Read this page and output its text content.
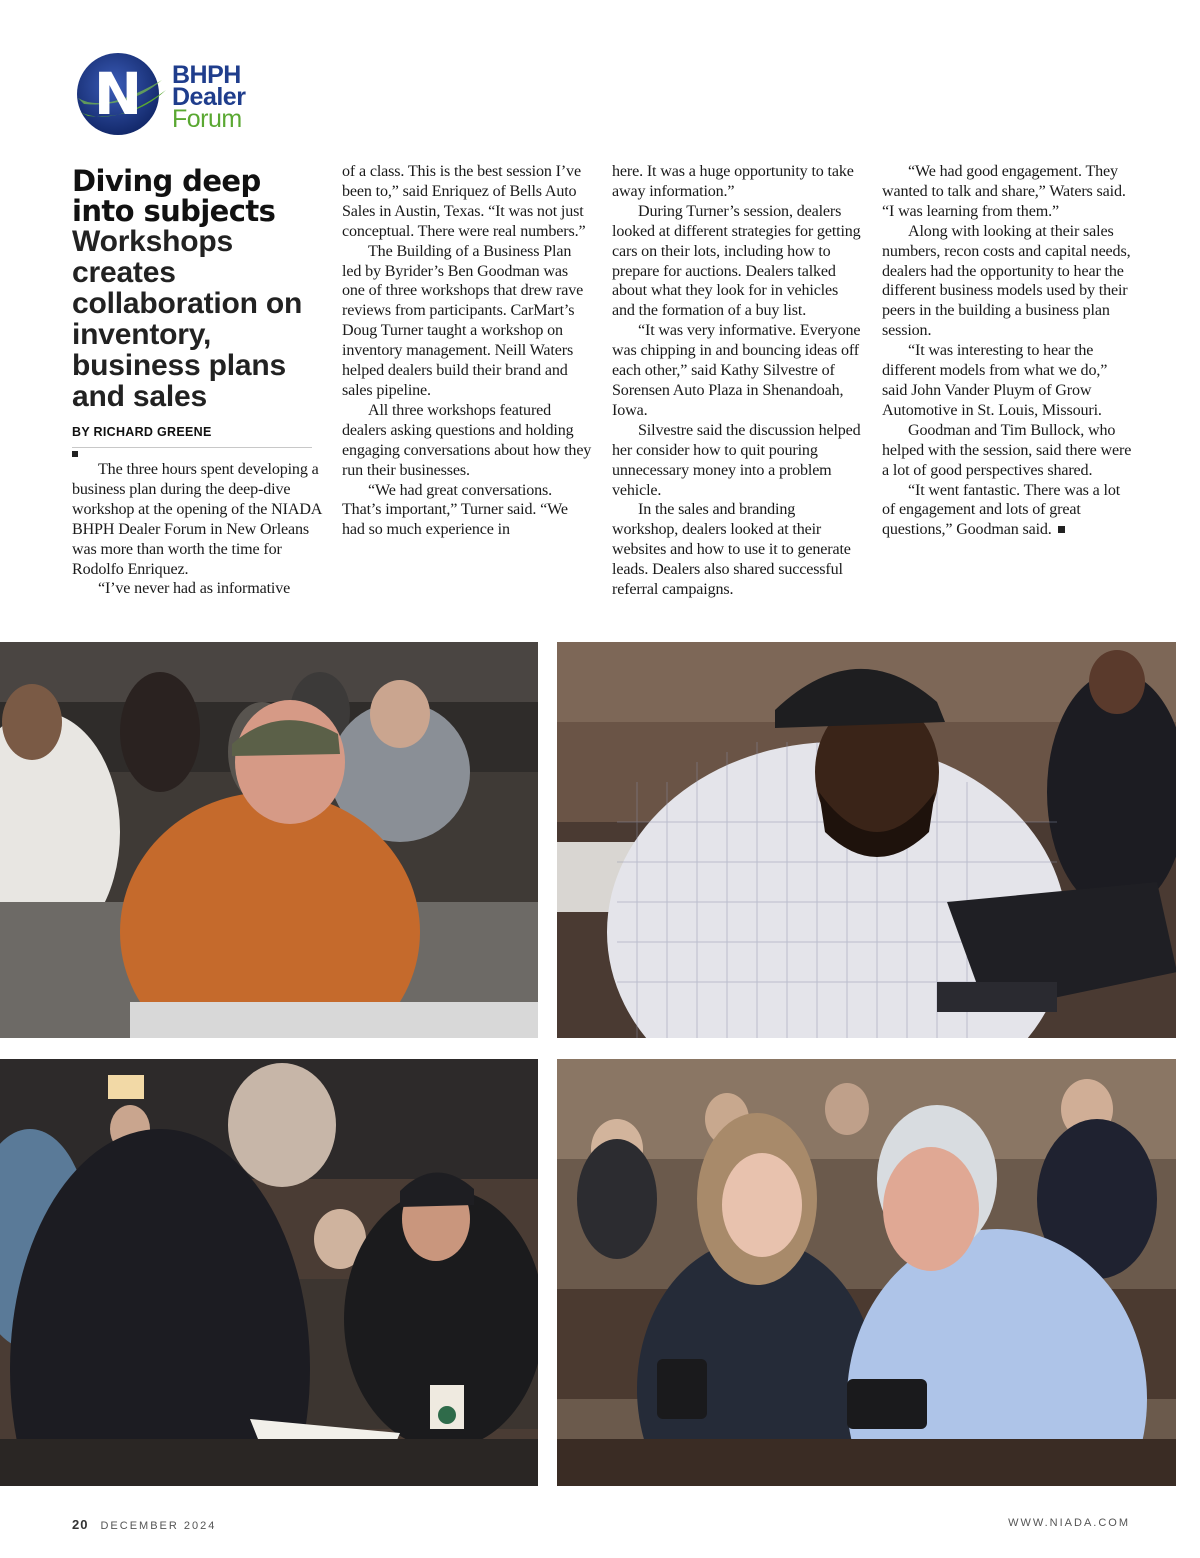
N BHPH
Dealer
Forum
Diving deep into subjects
Workshops creates collaboration on inventory, business plans and sales
BY RICHARD GREENE

The three hours spent developing a business plan during the deep-dive workshop at the opening of the NIADA BHPH Dealer Forum in New Orleans was more than worth the time for Rodolfo Enriquez.

“I’ve never had as informative

of a class. This is the best session I’ve been to,” said Enriquez of Bells Auto Sales in Austin, Texas. “It was not just conceptual. There were real numbers.”

The Building of a Business Plan led by Byrider’s Ben Goodman was one of three workshops that drew rave reviews from participants. CarMart’s Doug Turner taught a workshop on inventory management. Neill Waters helped dealers build their brand and sales pipeline.

All three workshops featured dealers asking questions and holding engaging conversations about how they run their businesses.

“We had great conversations. That’s important,” Turner said. “We had so much experience in

here. It was a huge opportunity to take away information.”

During Turner’s session, dealers looked at different strategies for getting cars on their lots, including how to prepare for auctions. Dealers talked about what they look for in vehicles and the formation of a buy list.

“It was very informative. Everyone was chipping in and bouncing ideas off each other,” said Kathy Silvestre of Sorensen Auto Plaza in Shenandoah, Iowa.

Silvestre said the discussion helped her consider how to quit pouring unnecessary money into a problem vehicle.

In the sales and branding workshop, dealers looked at their websites and how to use it to generate leads. Dealers also shared successful referral campaigns.

“We had good engagement. They wanted to talk and share,” Waters said. “I was learning from them.”

Along with looking at their sales numbers, recon costs and capital needs, dealers had the opportunity to hear the different business models used by their peers in the building a business plan session.

“It was interesting to hear the different models from what we do,” said John Vander Pluym of Grow Automotive in St. Louis, Missouri.

Goodman and Tim Bullock, who helped with the session, said there were a lot of good perspectives shared.

“It went fantastic. There was a lot of engagement and lots of great questions,” Goodman said.

20 DECEMBER 2024	WWW.NIADA.COM
